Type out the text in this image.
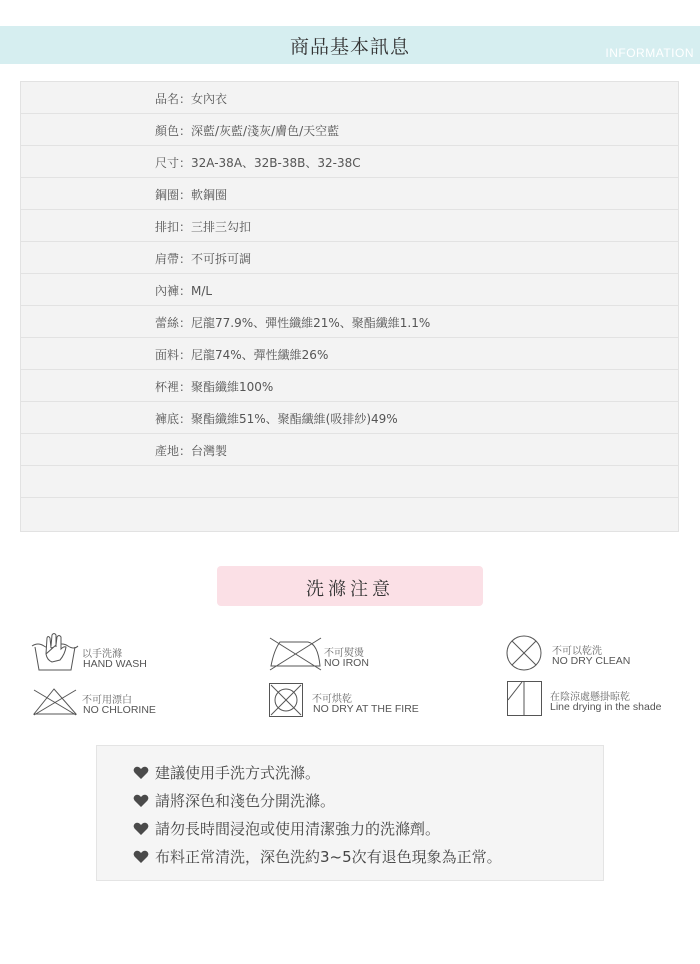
商品基本訊息	INFORMATION
品名：女內衣
顏色：深藍/灰藍/淺灰/膚色/天空藍
尺寸：32A-38A、32B-38B、32-38C
鋼圈：軟鋼圈
排扣：三排三勾扣
肩帶：不可拆可調
內褲：M/L
蕾絲：尼龍77.9%、彈性纖維21%、聚酯纖維1.1%
面料：尼龍74%、彈性纖維26%
杯裡：聚酯纖維100%
褲底：聚酯纖維51%、聚酯纖維(吸排紗)49%
產地：台灣製
洗滌注意
以手洗滌
HAND WASH
不可熨燙
NO IRON
不可以乾洗
NO DRY CLEAN
不可用漂白
NO CHLORINE
不可烘乾
NO DRY AT THE FIRE
在陰涼處懸掛晾乾
Line drying in the shade
建議使用手洗方式洗滌。
請將深色和淺色分開洗滌。
請勿長時間浸泡或使用清潔強力的洗滌劑。
布料正常清洗，深色洗約3~5次有退色現象為正常。
